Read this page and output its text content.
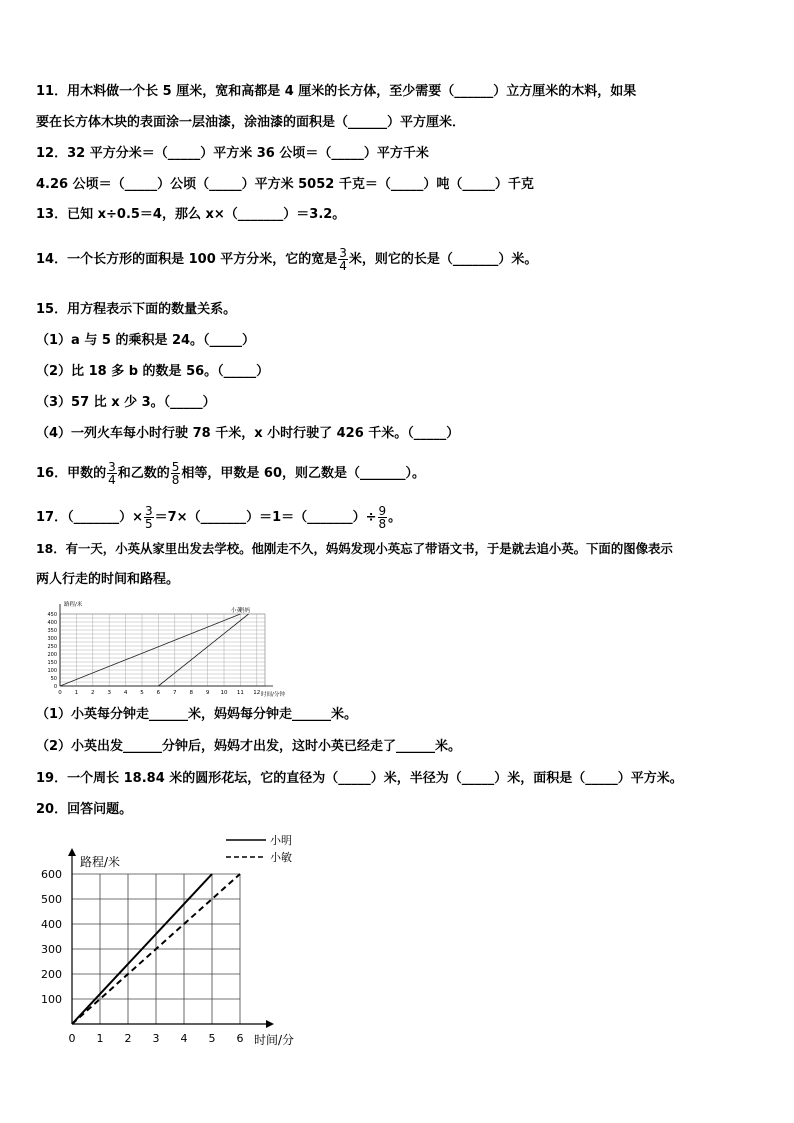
11．用木料做一个长 5 厘米，宽和高都是 4 厘米的长方体，至少需要（______）立方厘米的木料，如果
要在长方体木块的表面涂一层油漆，涂油漆的面积是（______）平方厘米．
12．32 平方分米＝（_____）平方米 36 公顷＝（_____）平方千米
4.26 公顷＝（_____）公顷（_____）平方米 5052 千克＝（_____）吨（_____）千克
13．已知 x÷0.5＝4，那么 x×（_______）＝3.2。
14．一个长方形的面积是 100 平方分米，它的宽是 $\frac{3}{4}$ 米，则它的长是（_______）米。
15．用方程表示下面的数量关系。
（1）a 与 5 的乘积是 24。（_____）
（2）比 18 多 b 的数是 56。（_____）
（3）57 比 x 少 3。（_____）
（4）一列火车每小时行驶 78 千米，x 小时行驶了 426 千米。（_____）
16．甲数的 $\frac{3}{4}$ 和乙数的 $\frac{5}{8}$ 相等，甲数是 60，则乙数是（_______）。
17．（_______）× $\frac{3}{5}$ ＝7×（_______）＝1＝（_______）÷ $\frac{9}{8}$ 。
18．有一天，小英从家里出发去学校。他刚走不久，妈妈发现小英忘了带语文书，于是就去追小英。下面的图像表示
两人行走的时间和路程。
0
50
100
150
200
250
300
350
400
450
0 1 2 3 4 5 6 7 8 9 10 11 12
路程/米
时间/分钟
小英
妈妈
（1）小英每分钟走______米，妈妈每分钟走______米。
（2）小英出发______分钟后，妈妈才出发，这时小英已经走了______米。
19．一个周长 18.84 米的圆形花坛，它的直径为（_____）米，半径为（_____）米，面积是（_____）平方米。
20．回答问题。
100
200
300
400
500
600
0 1 2 3 4 5 6
路程/米
时间/分
小明
小敏
